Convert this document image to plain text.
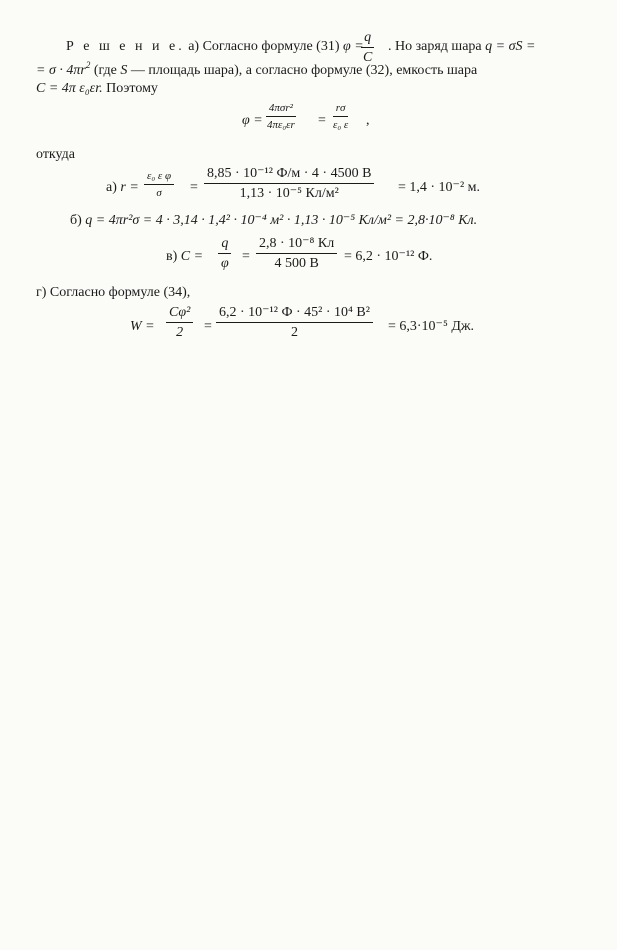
Р е ш е н и е. а) Согласно формуле (31) φ =
$\frac{q}{C}$ . Но заряд шара q = σS =
= $\sigma \cdot 4\pi r^2$ (где S — площадь шара), а согласно формуле (32), емкость шара
C = 4π ε₀εr. Поэтому
φ =
4πσr²
$4\pi\varepsilon_0\varepsilon r = \frac{r\sigma}{\text{ε₀ ε}}$ ,
откуда
а) $r = \frac{\text{ε₀ ε φ}}{\sigma}$ =
8,85 · 10⁻¹² Ф/м · 4 · 4500 В
1,13 · 10⁻⁵ Кл/м²	= 1,4 · 10⁻² м.
б) q = 4πr²σ = 4 · 3,14 · 1,4² · 10⁻⁴ м² · 1,13 · 10⁻⁵ Кл/м² = 2,8·10⁻⁸ Кл.
в) $C = \frac{q}{\varphi}$ =
2,8 · 10⁻⁸ Кл
4 500 В = 6,2 · 10⁻¹² Ф.
г) Согласно формуле (34),
$W = \frac{\text{Cφ²}}{2}$ =
6,2 · 10⁻¹² Ф · 45² · 10⁴ В²
2	= 6,3·10⁻⁵ Дж.
